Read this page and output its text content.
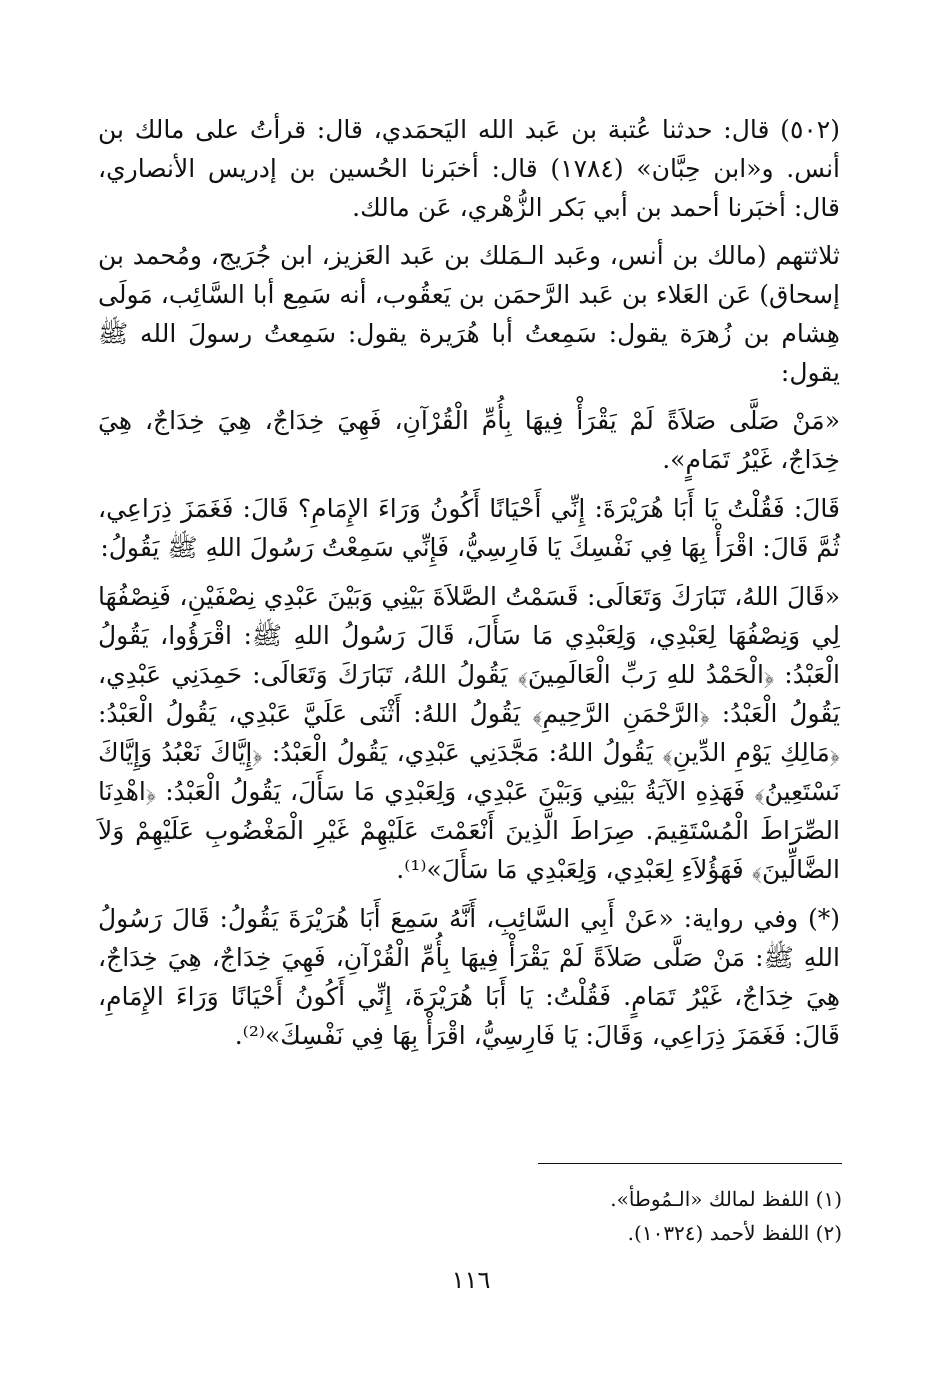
(٥٠٢) قال: حدثنا عُتبة بن عَبد الله اليَحمَدي، قال: قرأتُ على مالك بن أنس. و«ابن حِبَّان» (١٧٨٤) قال: أخبَرنا الحُسين بن إدريس الأنصاري، قال: أخبَرنا أحمد بن أبي بَكر الزُّهْري، عَن مالك.

ثلاثتهم (مالك بن أنس، وعَبد الـمَلك بن عَبد العَزيز، ابن جُرَيج، ومُحمد بن إسحاق) عَن العَلاء بن عَبد الرَّحمَن بن يَعقُوب، أنه سَمِع أبا السَّائِب، مَولَى هِشام بن زُهرَة يقول: سَمِعتُ أبا هُرَيرة يقول: سَمِعتُ رسولَ الله ﷺ يقول:

«مَنْ صَلَّى صَلاَةً لَمْ يَقْرَأْ فِيهَا بِأُمِّ الْقُرْآنِ، فَهِيَ خِدَاجٌ، هِيَ خِدَاجٌ، هِيَ خِدَاجٌ، غَيْرُ تَمَامٍ».

قَالَ: فَقُلْتُ يَا أَبَا هُرَيْرَةَ: إِنِّي أَحْيَانًا أَكُونُ وَرَاءَ الإِمَامِ؟ قَالَ: فَغَمَزَ ذِرَاعِي، ثُمَّ قَالَ: اقْرَأْ بِهَا فِي نَفْسِكَ يَا فَارِسِيُّ، فَإِنِّي سَمِعْتُ رَسُولَ اللهِ ﷺ يَقُولُ:

«قَالَ اللهُ، تَبَارَكَ وَتَعَالَى: قَسَمْتُ الصَّلاَةَ بَيْنِي وَبَيْنَ عَبْدِي نِصْفَيْنِ، فَنِصْفُهَا لِي وَنِصْفُهَا لِعَبْدِي، وَلِعَبْدِي مَا سَأَلَ، قَالَ رَسُولُ اللهِ ﷺ: اقْرَؤُوا، يَقُولُ الْعَبْدُ: ﴿الْحَمْدُ للهِ رَبِّ الْعَالَمِينَ﴾ يَقُولُ اللهُ، تَبَارَكَ وَتَعَالَى: حَمِدَنِي عَبْدِي، يَقُولُ الْعَبْدُ: ﴿الرَّحْمَنِ الرَّحِيمِ﴾ يَقُولُ اللهُ: أَثْنَى عَلَيَّ عَبْدِي، يَقُولُ الْعَبْدُ: ﴿مَالِكِ يَوْمِ الدِّينِ﴾ يَقُولُ اللهُ: مَجَّدَنِي عَبْدِي، يَقُولُ الْعَبْدُ: ﴿إِيَّاكَ نَعْبُدُ وَإِيَّاكَ نَسْتَعِينُ﴾ فَهَذِهِ الآيَةُ بَيْنِي وَبَيْنَ عَبْدِي، وَلِعَبْدِي مَا سَأَلَ، يَقُولُ الْعَبْدُ: ﴿اهْدِنَا الصِّرَاطَ الْمُسْتَقِيمَ. صِرَاطَ الَّذِينَ أَنْعَمْتَ عَلَيْهِمْ غَيْرِ الْمَغْضُوبِ عَلَيْهِمْ وَلاَ الضَّالِّينَ﴾ فَهَؤُلاَءِ لِعَبْدِي، وَلِعَبْدِي مَا سَأَلَ»⁽¹⁾.

(*) وفي رواية: «عَنْ أَبِي السَّائِبِ، أَنَّهُ سَمِعَ أَبَا هُرَيْرَةَ يَقُولُ: قَالَ رَسُولُ اللهِ ﷺ: مَنْ صَلَّى صَلاَةً لَمْ يَقْرَأْ فِيهَا بِأُمِّ الْقُرْآنِ، فَهِيَ خِدَاجٌ، هِيَ خِدَاجٌ، هِيَ خِدَاجٌ، غَيْرُ تَمَامٍ. فَقُلْتُ: يَا أَبَا هُرَيْرَةَ، إِنِّي أَكُونُ أَحْيَانًا وَرَاءَ الإِمَامِ، قَالَ: فَغَمَزَ ذِرَاعِي، وَقَالَ: يَا فَارِسِيُّ، اقْرَأْ بِهَا فِي نَفْسِكَ»⁽²⁾.

(١) اللفظ لمالك «الـمُوطأ».

(٢) اللفظ لأحمد (١٠٣٢٤).

١١٦
